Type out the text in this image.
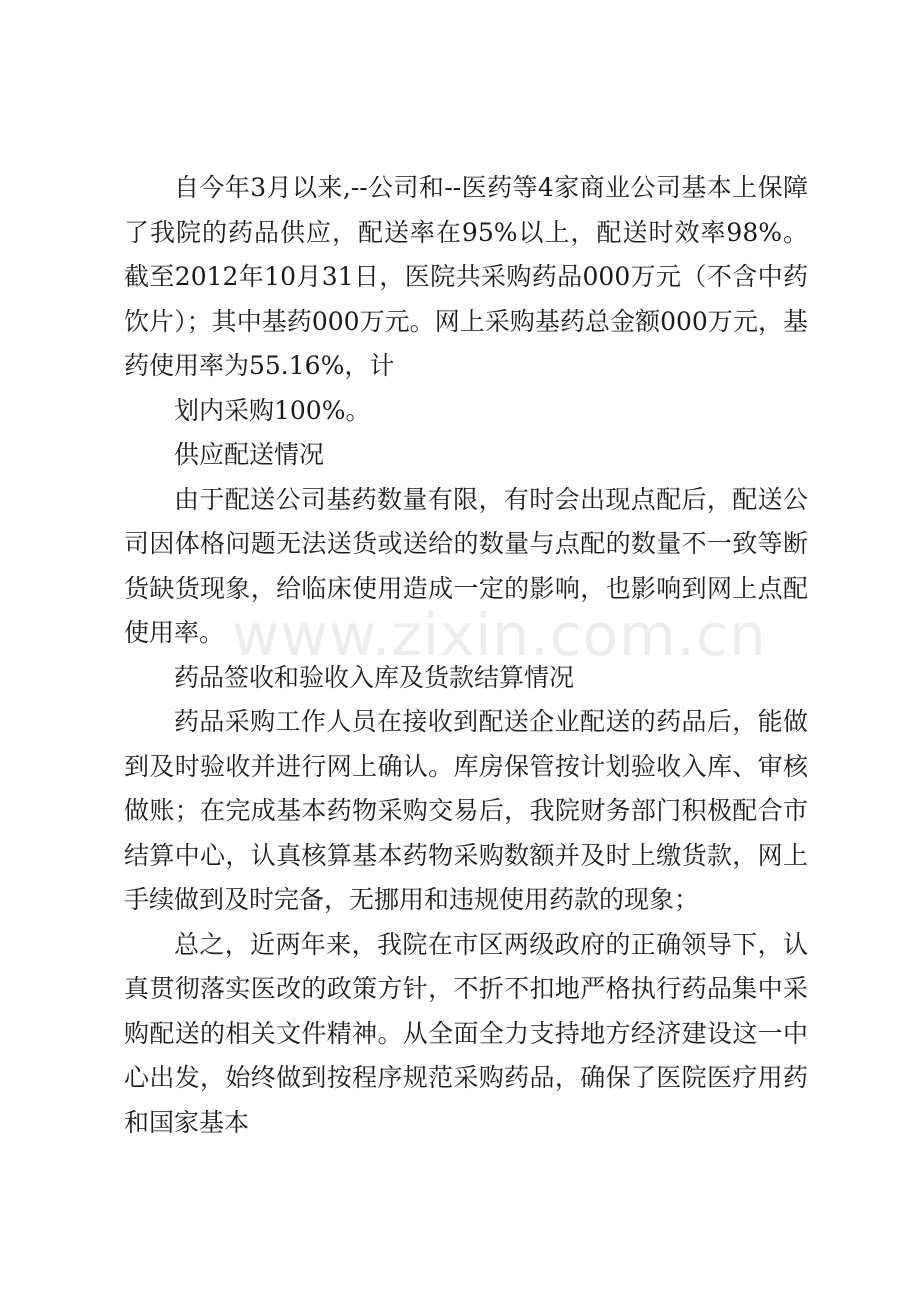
自今年3月以来,--公司和--医药等4家商业公司基本上保障了我院的药品供应，配送率在95%以上，配送时效率98%。截至2012年10月31日，医院共采购药品000万元（不含中药饮片）；其中基药000万元。网上采购基药总金额000万元，基药使用率为55.16%，计

划内采购100%。

供应配送情况

由于配送公司基药数量有限，有时会出现点配后，配送公司因体格问题无法送货或送给的数量与点配的数量不一致等断货缺货现象，给临床使用造成一定的影响，也影响到网上点配使用率。

药品签收和验收入库及货款结算情况

药品采购工作人员在接收到配送企业配送的药品后，能做到及时验收并进行网上确认。库房保管按计划验收入库、审核做账；在完成基本药物采购交易后，我院财务部门积极配合市结算中心，认真核算基本药物采购数额并及时上缴货款，网上手续做到及时完备，无挪用和违规使用药款的现象；

总之，近两年来，我院在市区两级政府的正确领导下，认真贯彻落实医改的政策方针，不折不扣地严格执行药品集中采购配送的相关文件精神。从全面全力支持地方经济建设这一中心出发，始终做到按程序规范采购药品，确保了医院医疗用药和国家基本

www.zixin.com.cn
